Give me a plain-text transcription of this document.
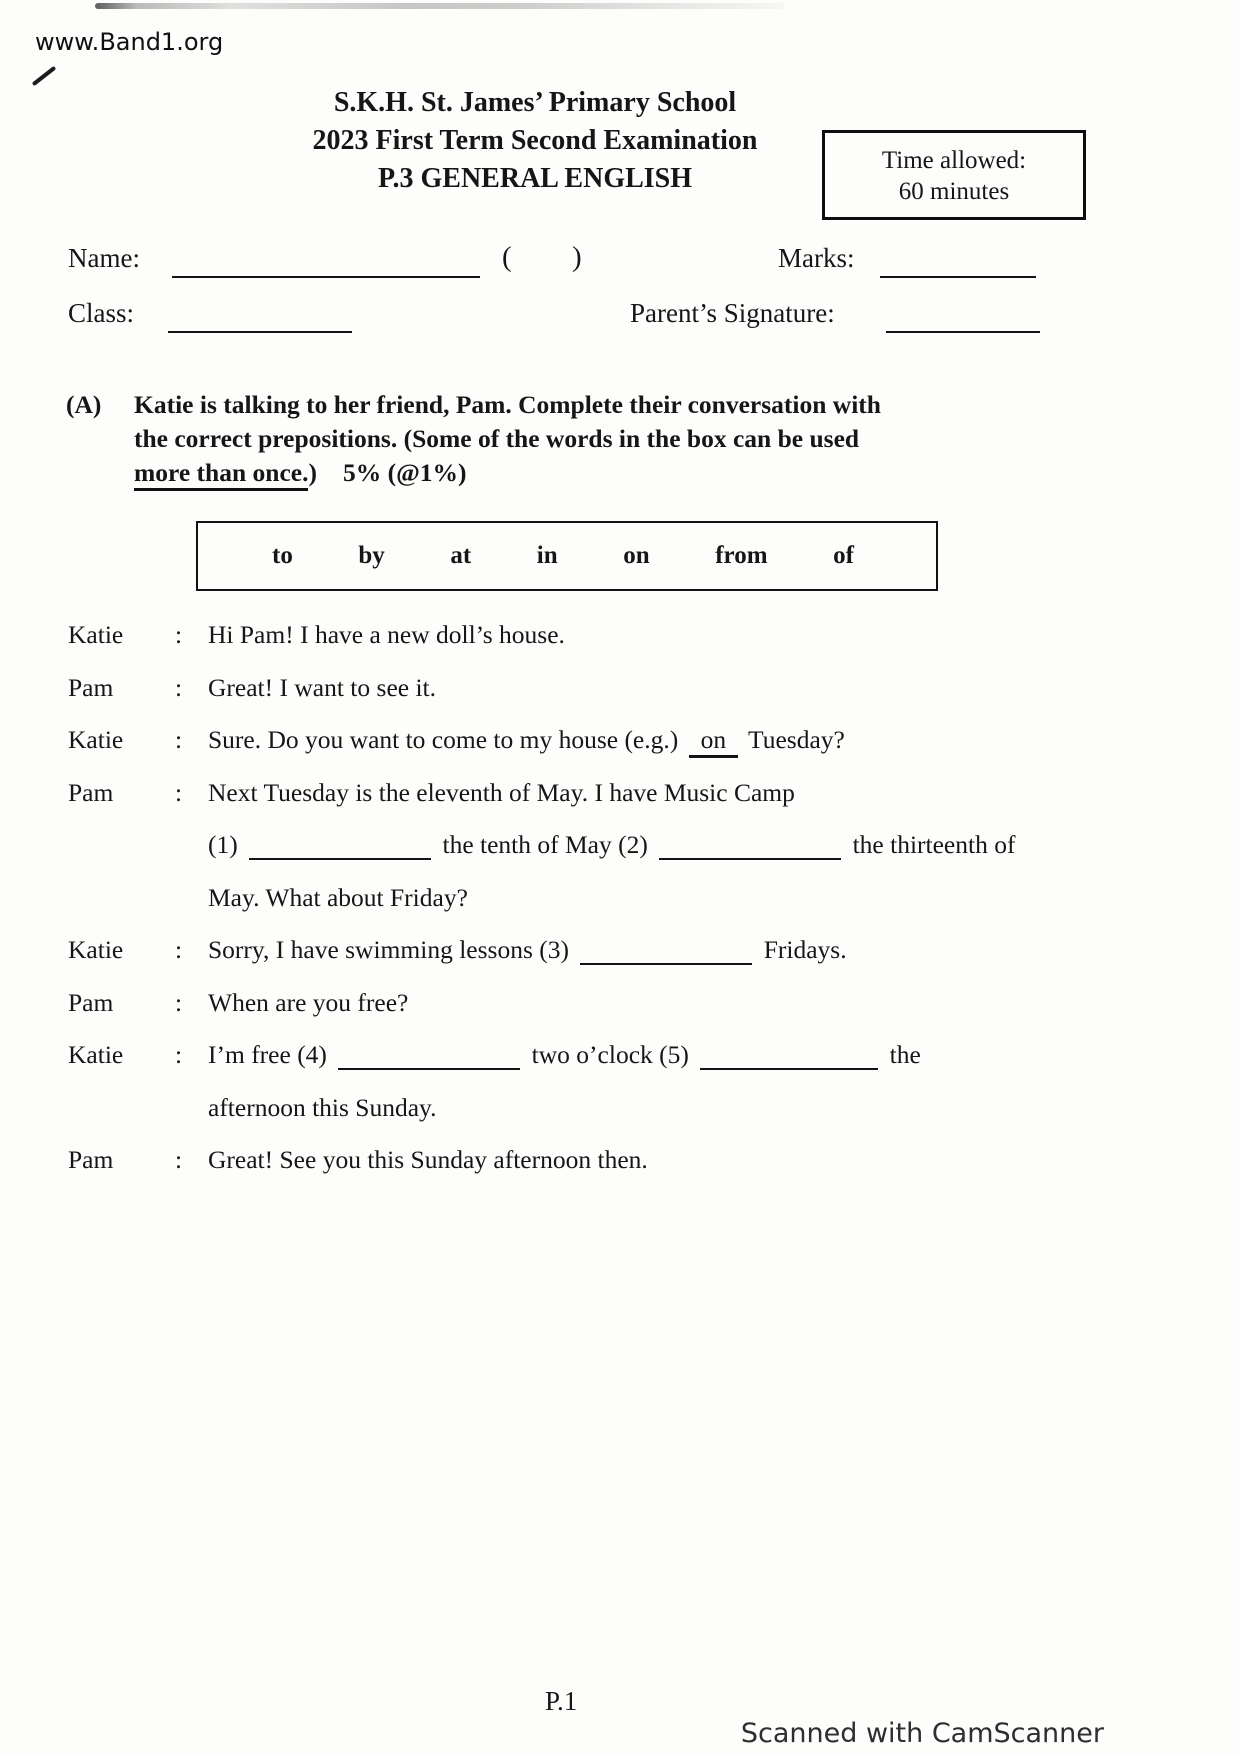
www.Band1.org
S.K.H. St. James’ Primary School
2023 First Term Second Examination
P.3 GENERAL ENGLISH
Time allowed:
60 minutes
Name:	( )	Marks:
Class:	Parent’s Signature:
(A)	Katie is talking to her friend, Pam. Complete their conversation with
the correct prepositions. (Some of the words in the box can be used
more than once.) 5% (@1%)
to	by	at	in	on	from	of
Katie	:	Hi Pam! I have a new doll’s house.
Pam	:	Great! I want to see it.
Katie	:	Sure. Do you want to come to my house (e.g.) on Tuesday?
Pam	:	Next Tuesday is the eleventh of May. I have Music Camp
(1)	the tenth of May (2)	the thirteenth of
May. What about Friday?
Katie	:	Sorry, I have swimming lessons (3)	Fridays.
Pam	:	When are you free?
Katie	:	I’m free (4)	two o’clock (5)	the
afternoon this Sunday.
Pam	:	Great! See you this Sunday afternoon then.
P.1
Scanned with CamScanner
